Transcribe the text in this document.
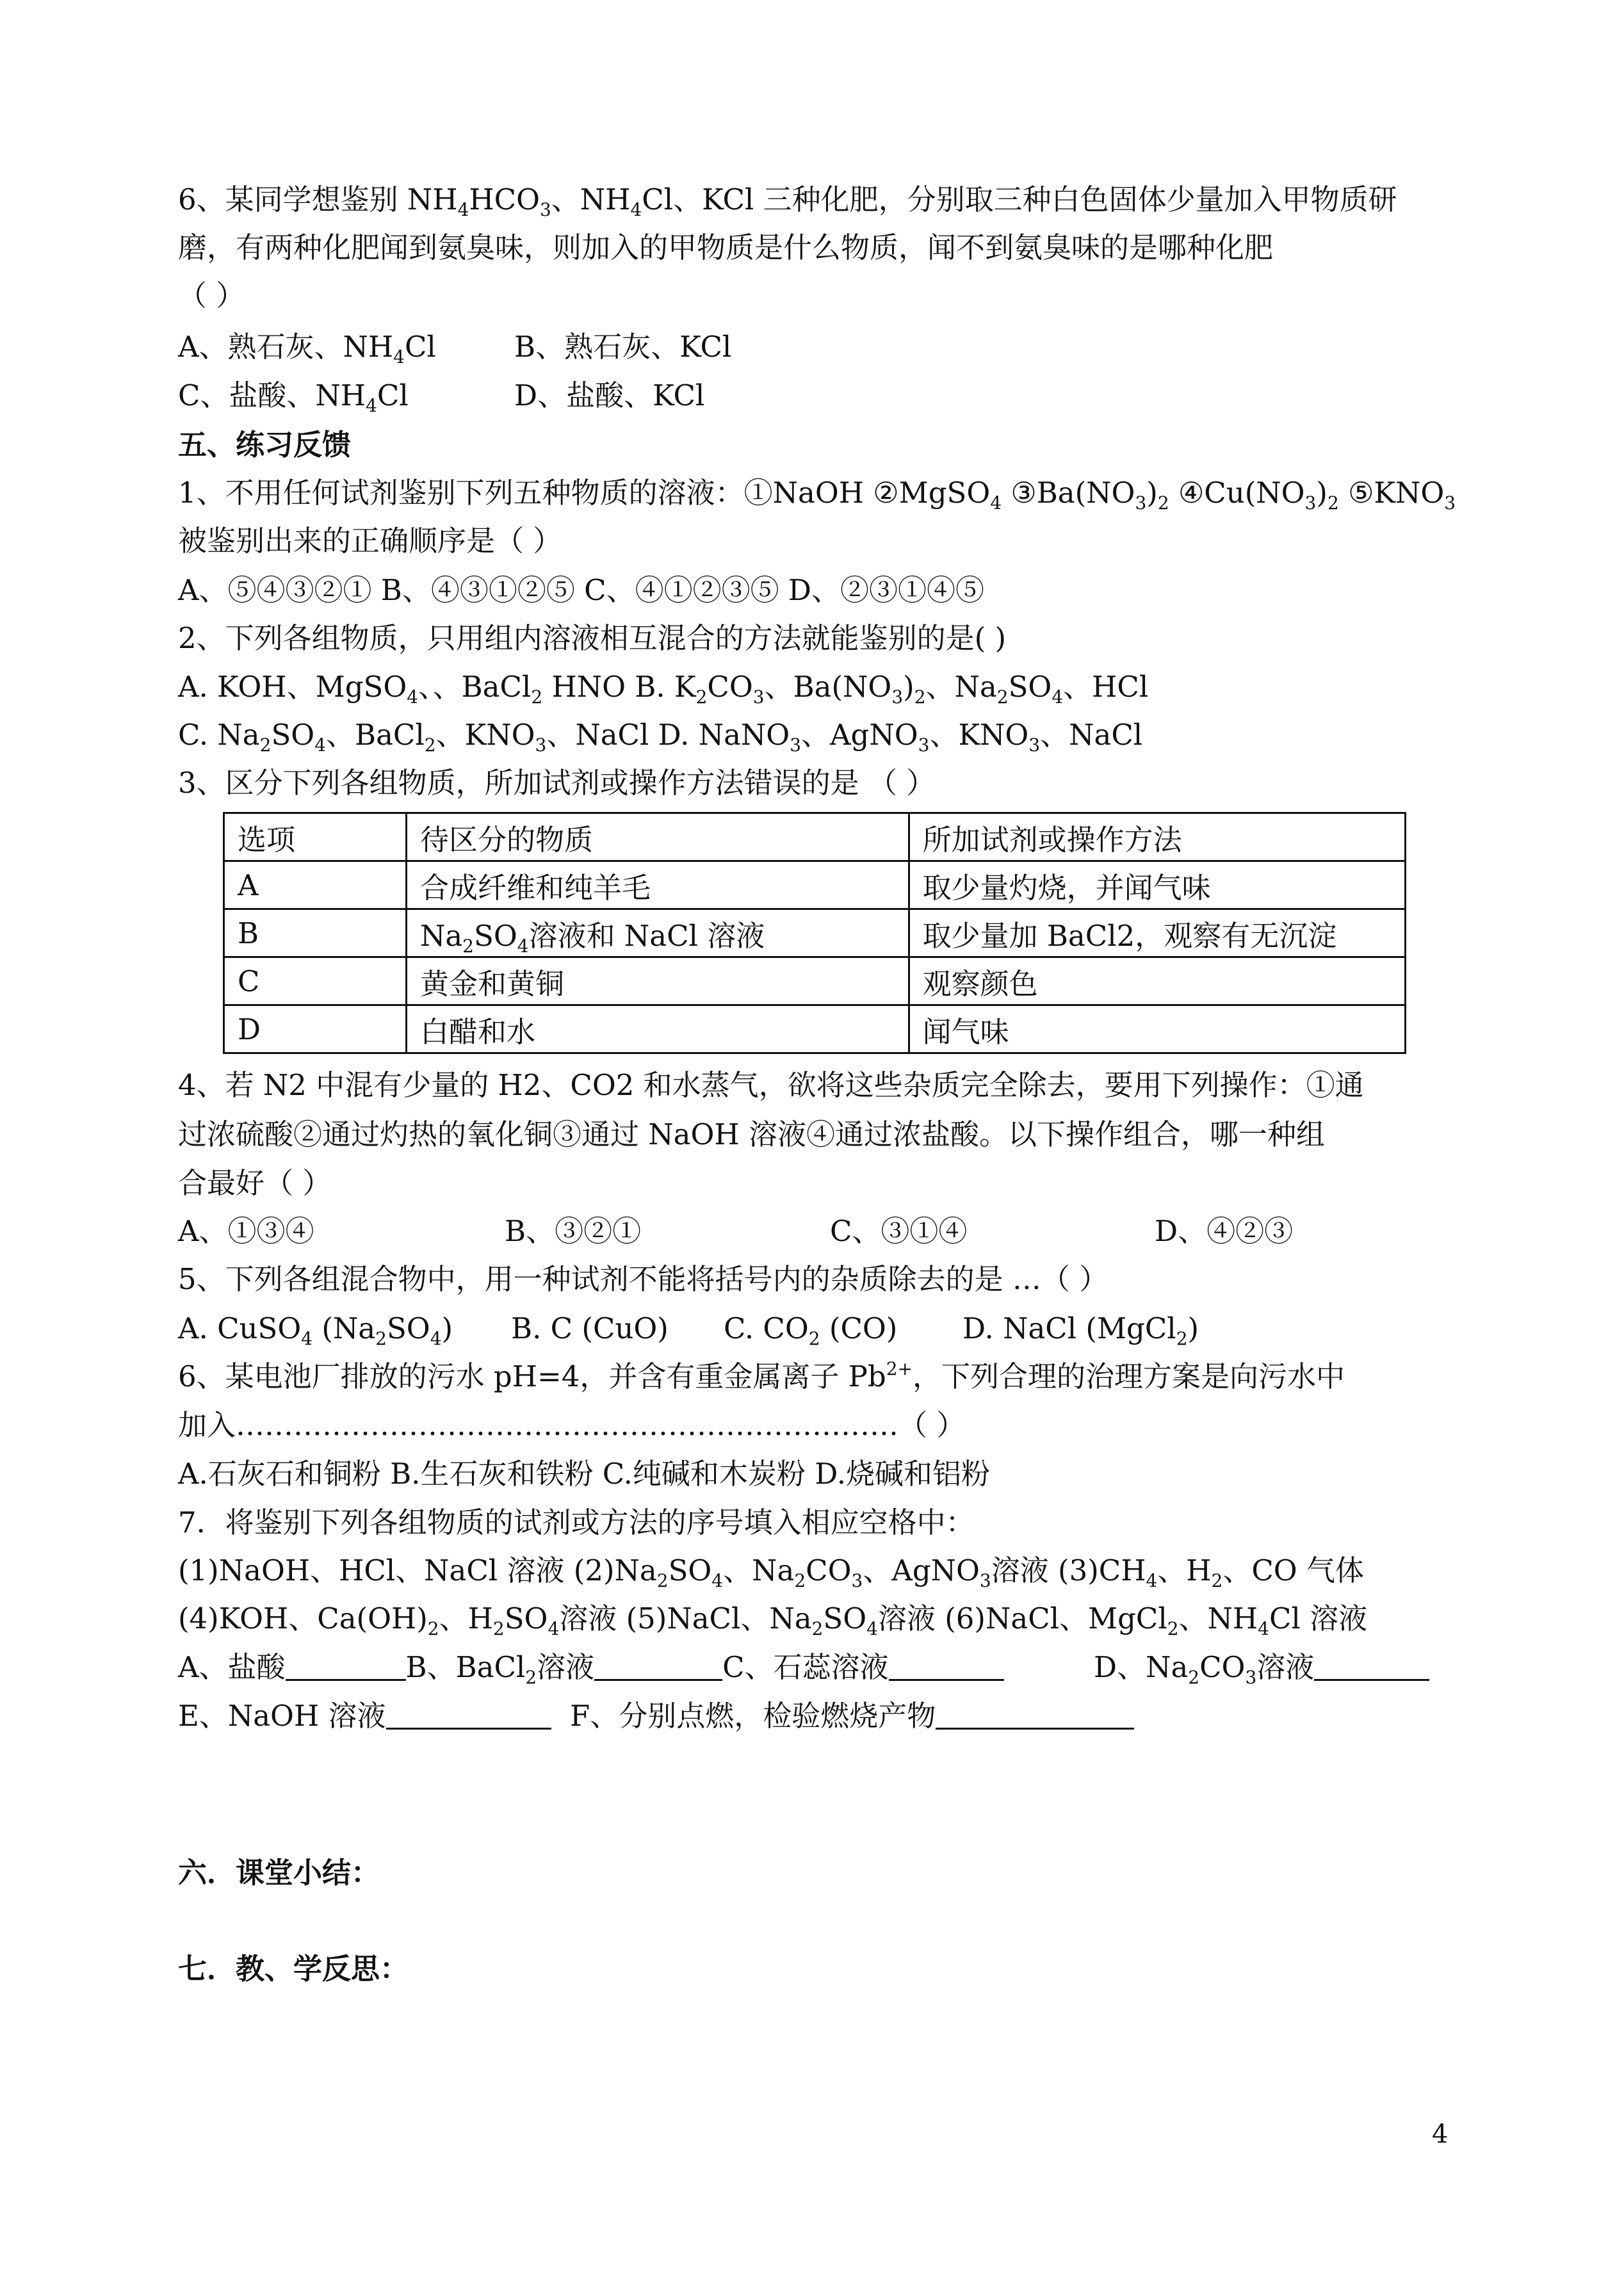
6、某同学想鉴别 $NH_4HCO_3$、$NH_4Cl$、KCl 三种化肥，分别取三种白色固体少量加入甲物质研
磨，有两种化肥闻到氨臭味，则加入的甲物质是什么物质，闻不到氨臭味的是哪种化肥
（ ）
A、熟石灰、$NH_4Cl$	B、熟石灰、KCl
C、盐酸、$NH_4Cl$	D、盐酸、KCl
五、练习反馈
1、不用任何试剂鉴别下列五种物质的溶液：①NaOH ②MgSO$_4$ $③Ba(NO_3)_2$ $④Cu(NO_3)_2$ $⑤KNO_3$
被鉴别出来的正确顺序是（ ）
A、⑤④③②① B、④③①②⑤ C、④①②③⑤ D、②③①④⑤
2、下列各组物质，只用组内溶液相互混合的方法就能鉴别的是( )
A. KOH、MgSO$_4$、、BaCl$_2$ HNO B. $K_2CO_3$、$Ba(NO_3)_2$、$Na_2SO_4$、HCl
C. $Na_2SO_4$、BaCl$_2$、$KNO_3$、NaCl D. NaNO$_3$、AgNO$_3$、$KNO_3$、NaCl
3、区分下列各组物质，所加试剂或操作方法错误的是 （ ）
选项	待区分的物质	所加试剂或操作方法
A	合成纤维和纯羊毛	取少量灼烧，并闻气味
B	$Na_2SO_4$溶液和 NaCl 溶液	取少量加 BaCl2，观察有无沉淀
C	黄金和黄铜	观察颜色
D	白醋和水	闻气味
4、若 N2 中混有少量的 H2、CO2 和水蒸气，欲将这些杂质完全除去，要用下列操作：①通
过浓硫酸②通过灼热的氧化铜③通过 NaOH 溶液④通过浓盐酸。以下操作组合，哪一种组
合最好（ ）
A、①③④	B、③②①	C、③①④	D、④②③
5、下列各组混合物中，用一种试剂不能将括号内的杂质除去的是 …（ ）
A. CuSO$_4$ $(Na_2SO_4)$ B. C (CuO) C. $CO_2$ (CO) D. NaCl (MgCl$_2$)
6、某电池厂排放的污水 pH=4，并含有重金属离子 $Pb^{2+}$，下列合理的治理方案是向污水中
加入……………………………………………………………（ ）
A.石灰石和铜粉 B.生石灰和铁粉 C.纯碱和木炭粉 D.烧碱和铝粉
7．将鉴别下列各组物质的试剂或方法的序号填入相应空格中：
(1)NaOH、HCl、NaCl 溶液 $(2)Na_2SO_4$、$Na_2CO_3$、AgNO$_3$溶液 $(3)CH_4$、$H_2$、CO 气体
(4)KOH、$Ca(OH)_2$、$H_2SO_4$溶液 (5)NaCl、$Na_2SO_4$溶液 (6)NaCl、MgCl$_2$、$NH_4Cl$ 溶液
A、盐酸	B、BaCl$_2$溶液	C、石蕊溶液	D、$Na_2CO_3$溶液
E、NaOH 溶液	F、分别点燃，检验燃烧产物
六．课堂小结：
七．教、学反思：
4
